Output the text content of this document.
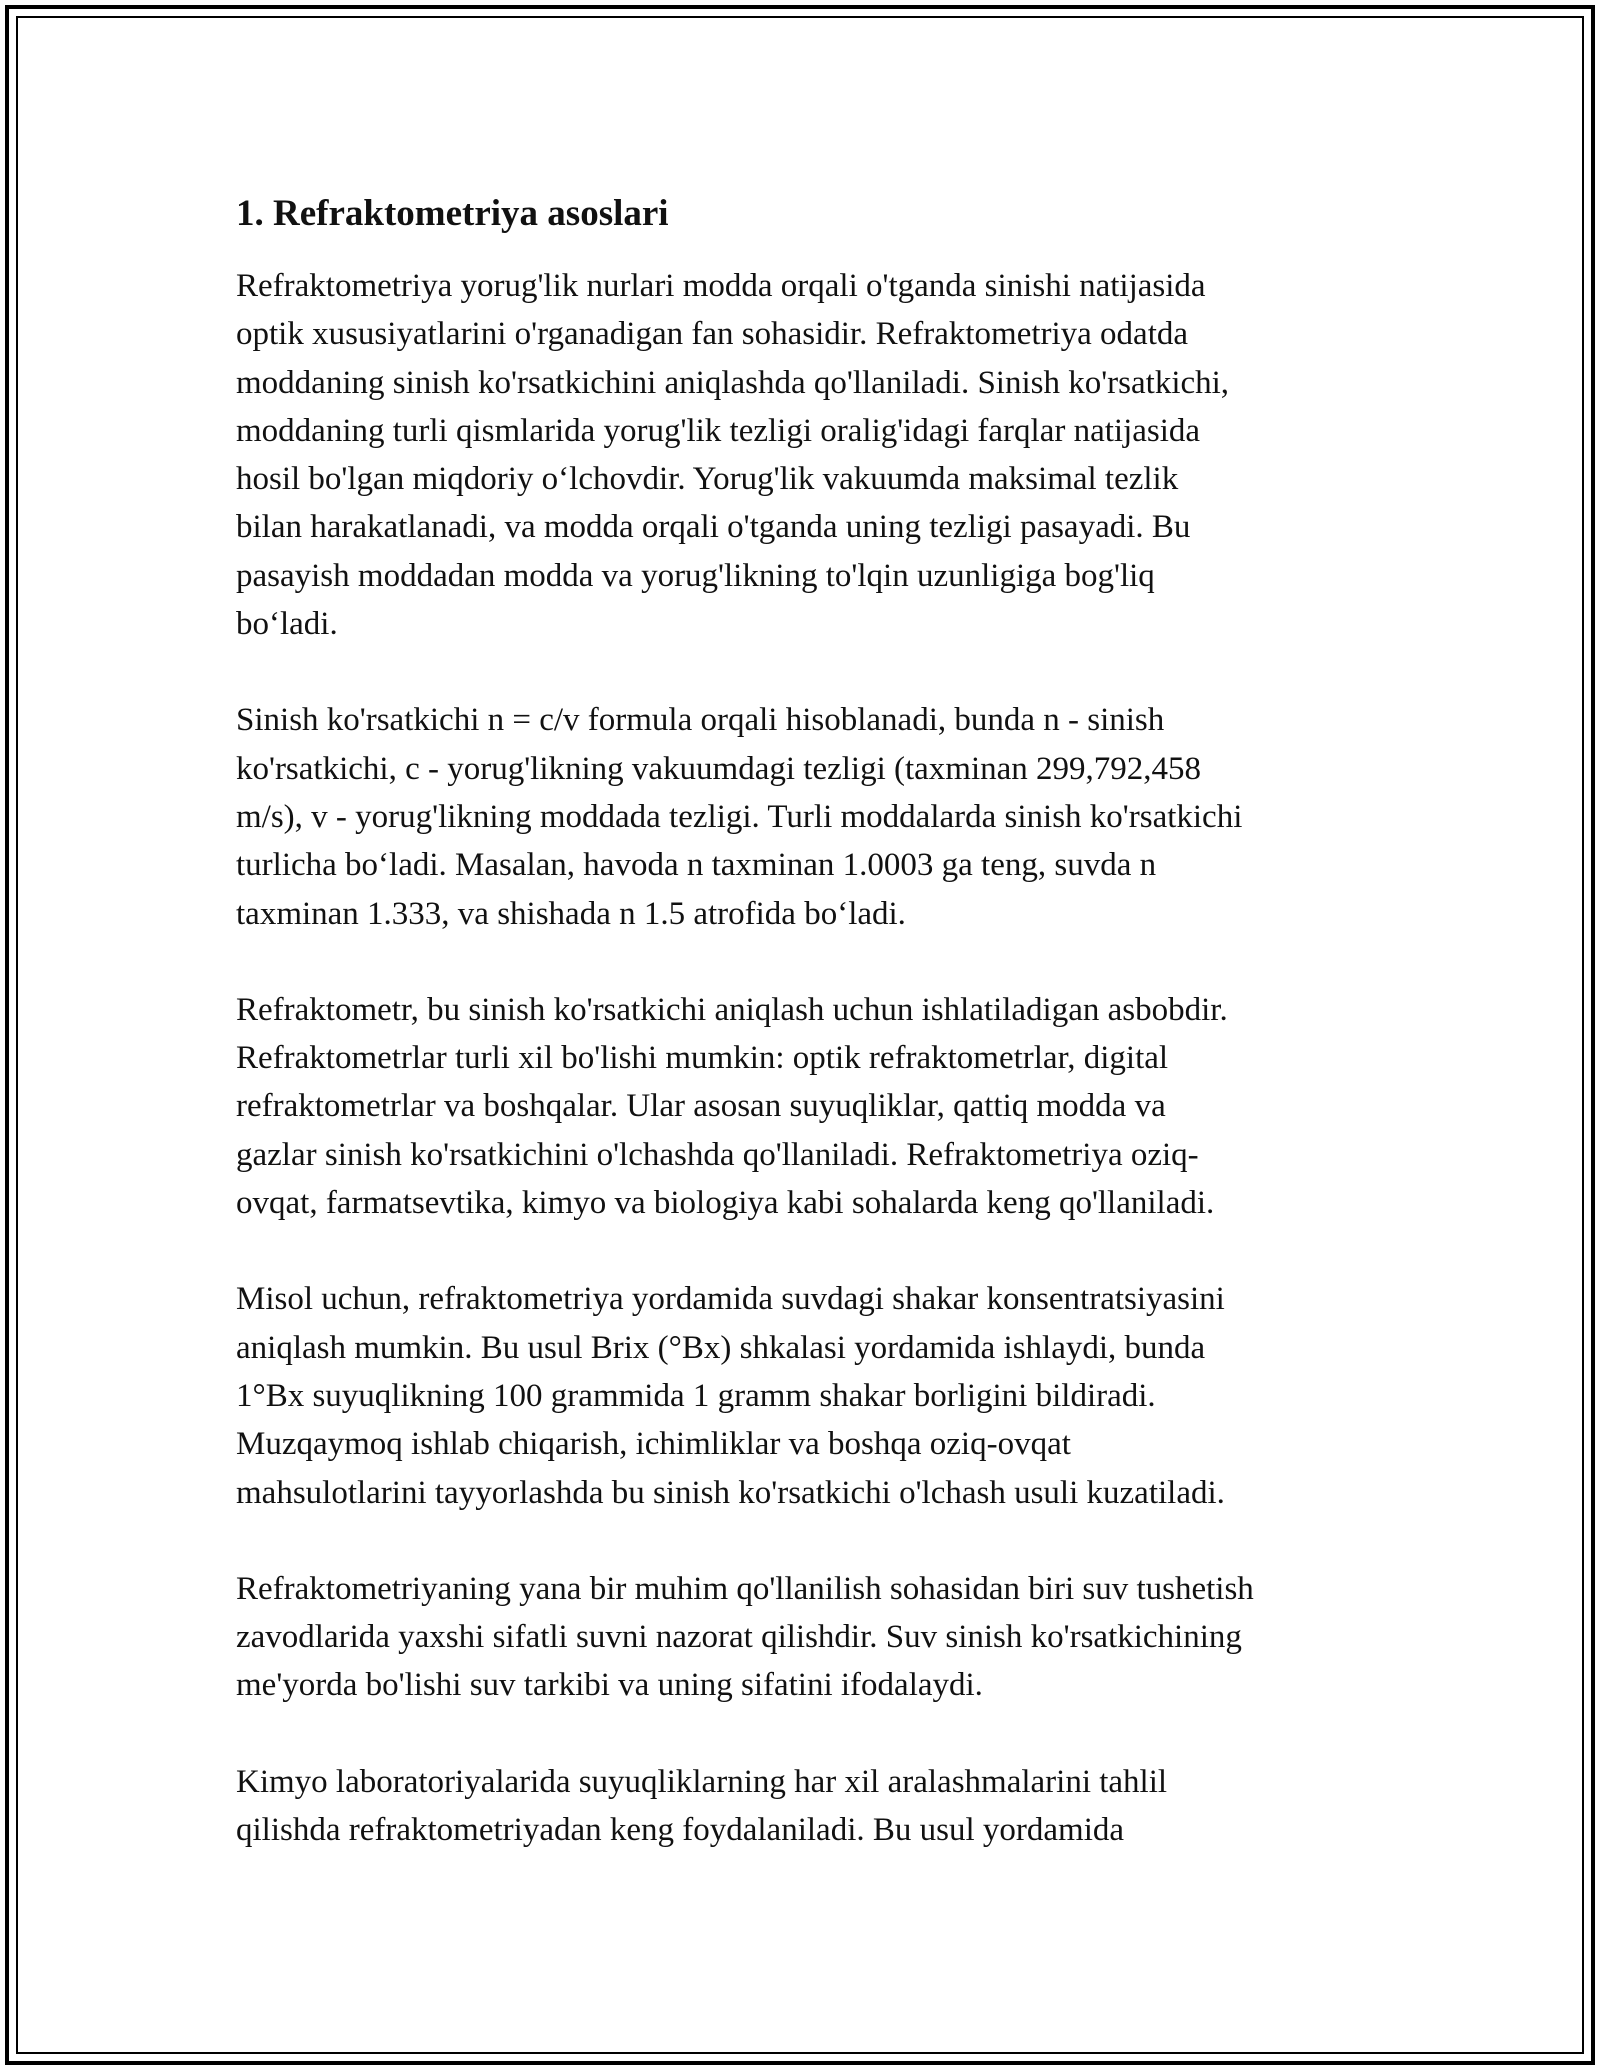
1. Refraktometriya asoslari

Refraktometriya yorug'lik nurlari modda orqali o'tganda sinishi natijasida
optik xususiyatlarini o'rganadigan fan sohasidir. Refraktometriya odatda
moddaning sinish ko'rsatkichini aniqlashda qo'llaniladi. Sinish ko'rsatkichi,
moddaning turli qismlarida yorug'lik tezligi oralig'idagi farqlar natijasida
hosil bo'lgan miqdoriy o‘lchovdir. Yorug'lik vakuumda maksimal tezlik
bilan harakatlanadi, va modda orqali o'tganda uning tezligi pasayadi. Bu
pasayish moddadan modda va yorug'likning to'lqin uzunligiga bog'liq
bo‘ladi.

Sinish ko'rsatkichi n = c/v formula orqali hisoblanadi, bunda n - sinish
ko'rsatkichi, c - yorug'likning vakuumdagi tezligi (taxminan 299,792,458
m/s), v - yorug'likning moddada tezligi. Turli moddalarda sinish ko'rsatkichi
turlicha bo‘ladi. Masalan, havoda n taxminan 1.0003 ga teng, suvda n
taxminan 1.333, va shishada n 1.5 atrofida bo‘ladi.

Refraktometr, bu sinish ko'rsatkichi aniqlash uchun ishlatiladigan asbobdir.
Refraktometrlar turli xil bo'lishi mumkin: optik refraktometrlar, digital
refraktometrlar va boshqalar. Ular asosan suyuqliklar, qattiq modda va
gazlar sinish ko'rsatkichini o'lchashda qo'llaniladi. Refraktometriya oziq-
ovqat, farmatsevtika, kimyo va biologiya kabi sohalarda keng qo'llaniladi.

Misol uchun, refraktometriya yordamida suvdagi shakar konsentratsiyasini
aniqlash mumkin. Bu usul Brix (°Bx) shkalasi yordamida ishlaydi, bunda
1°Bx suyuqlikning 100 grammida 1 gramm shakar borligini bildiradi.
Muzqaymoq ishlab chiqarish, ichimliklar va boshqa oziq-ovqat
mahsulotlarini tayyorlashda bu sinish ko'rsatkichi o'lchash usuli kuzatiladi.

Refraktometriyaning yana bir muhim qo'llanilish sohasidan biri suv tushetish
zavodlarida yaxshi sifatli suvni nazorat qilishdir. Suv sinish ko'rsatkichining
me'yorda bo'lishi suv tarkibi va uning sifatini ifodalaydi.

Kimyo laboratoriyalarida suyuqliklarning har xil aralashmalarini tahlil
qilishda refraktometriyadan keng foydalaniladi. Bu usul yordamida
